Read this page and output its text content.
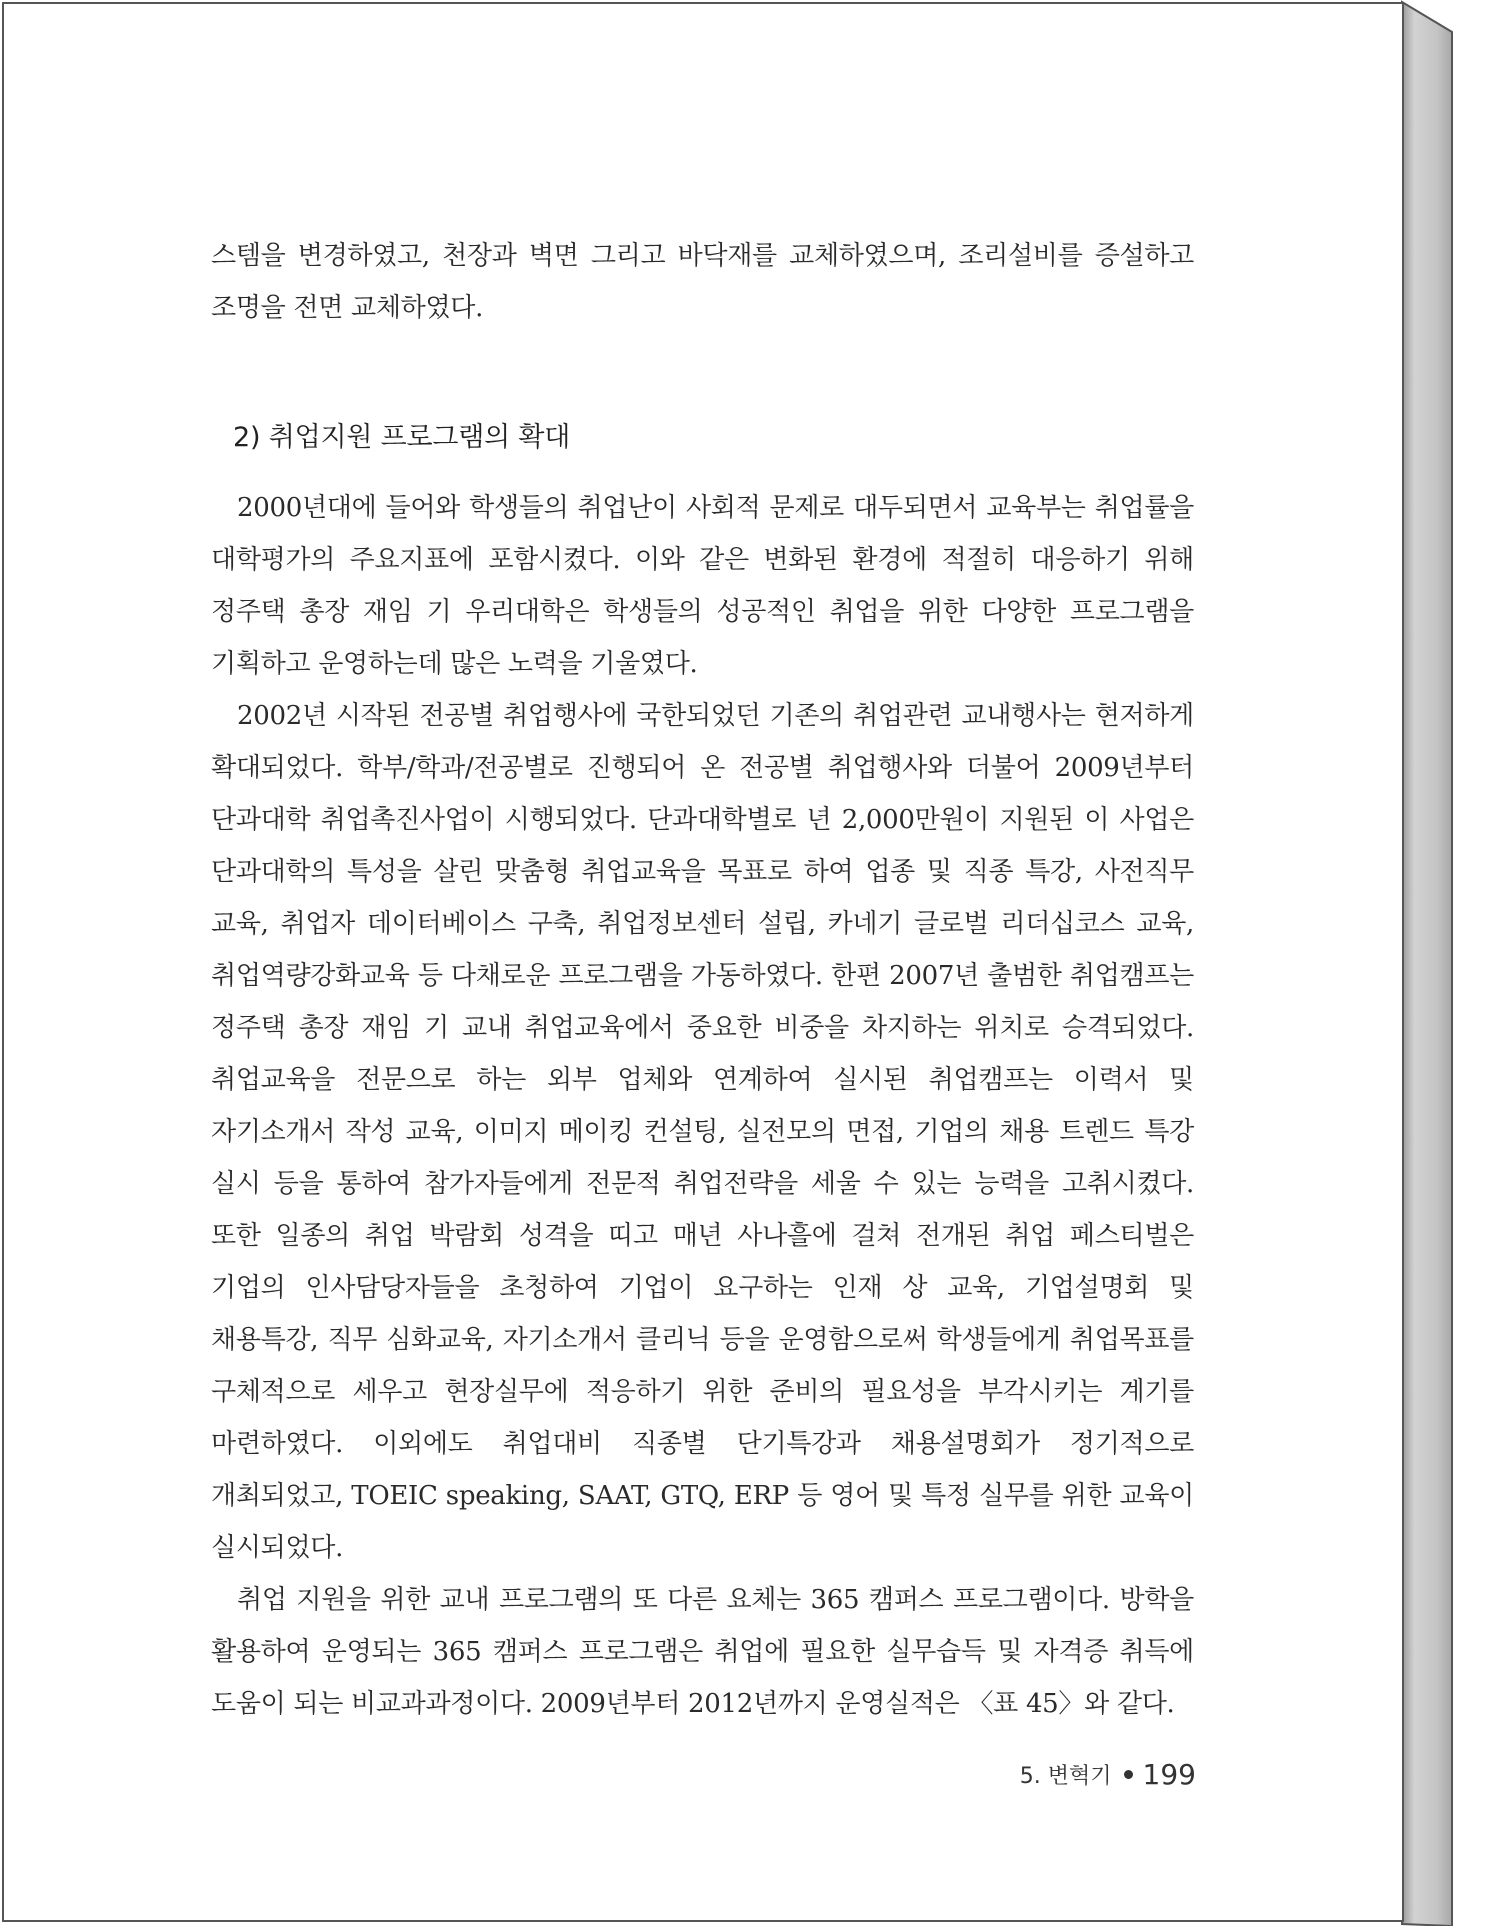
스템을 변경하였고, 천장과 벽면 그리고 바닥재를 교체하였으며, 조리설비를 증설하고 조명을 전면 교체하였다.

2) 취업지원 프로그램의 확대

2000년대에 들어와 학생들의 취업난이 사회적 문제로 대두되면서 교육부는 취업률을 대학평가의 주요지표에 포함시켰다. 이와 같은 변화된 환경에 적절히 대응하기 위해 정주택 총장 재임 기 우리대학은 학생들의 성공적인 취업을 위한 다양한 프로그램을 기획하고 운영하는데 많은 노력을 기울였다.

2002년 시작된 전공별 취업행사에 국한되었던 기존의 취업관련 교내행사는 현저하게 확대되었다. 학부/학과/전공별로 진행되어 온 전공별 취업행사와 더불어 2009년부터 단과대학 취업촉진사업이 시행되었다. 단과대학별로 년 2,000만원이 지원된 이 사업은 단과대학의 특성을 살린 맞춤형 취업교육을 목표로 하여 업종 및 직종 특강, 사전직무 교육, 취업자 데이터베이스 구축, 취업정보센터 설립, 카네기 글로벌 리더십코스 교육, 취업역량강화교육 등 다채로운 프로그램을 가동하였다. 한편 2007년 출범한 취업캠프는 정주택 총장 재임 기 교내 취업교육에서 중요한 비중을 차지하는 위치로 승격되었다. 취업교육을 전문으로 하는 외부 업체와 연계하여 실시된 취업캠프는 이력서 및 자기소개서 작성 교육, 이미지 메이킹 컨설팅, 실전모의 면접, 기업의 채용 트렌드 특강 실시 등을 통하여 참가자들에게 전문적 취업전략을 세울 수 있는 능력을 고취시켰다. 또한 일종의 취업 박람회 성격을 띠고 매년 사나흘에 걸쳐 전개된 취업 페스티벌은 기업의 인사담당자들을 초청하여 기업이 요구하는 인재 상 교육, 기업설명회 및 채용특강, 직무 심화교육, 자기소개서 클리닉 등을 운영함으로써 학생들에게 취업목표를 구체적으로 세우고 현장실무에 적응하기 위한 준비의 필요성을 부각시키는 계기를 마련하였다. 이외에도 취업대비 직종별 단기특강과 채용설명회가 정기적으로 개최되었고, TOEIC speaking, SAAT, GTQ, ERP 등 영어 및 특정 실무를 위한 교육이 실시되었다.

취업 지원을 위한 교내 프로그램의 또 다른 요체는 365 캠퍼스 프로그램이다. 방학을 활용하여 운영되는 365 캠퍼스 프로그램은 취업에 필요한 실무습득 및 자격증 취득에 도움이 되는 비교과과정이다. 2009년부터 2012년까지 운영실적은 〈표 45〉와 같다.

5. 변혁기 199
